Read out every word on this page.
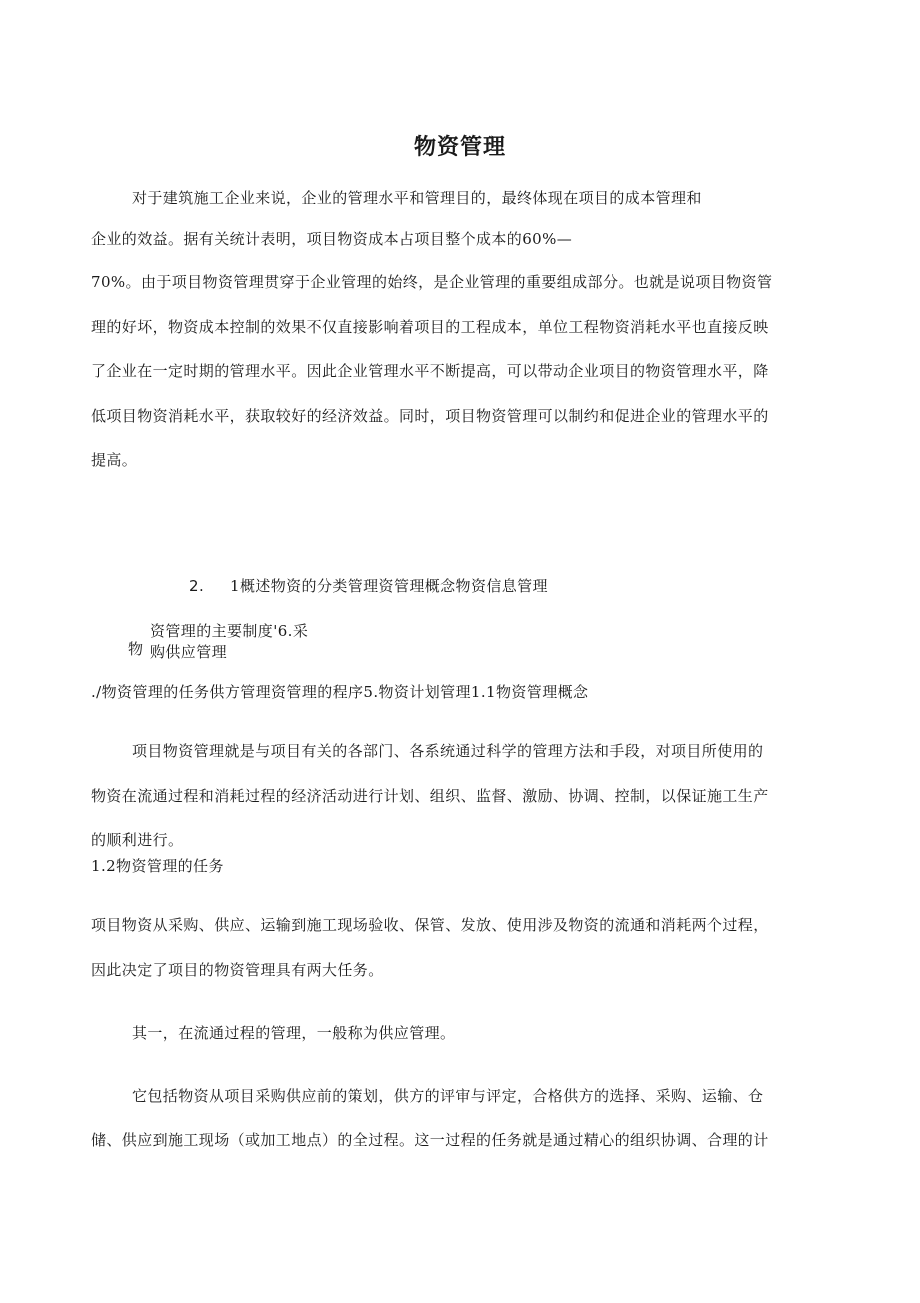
物资管理
对于建筑施工企业来说，企业的管理水平和管理目的，最终体现在项目的成本管理和
企业的效益。据有关统计表明，项目物资成本占项目整个成本的60%—
70%。由于项目物资管理贯穿于企业管理的始终，是企业管理的重要组成部分。也就是说项目物资管
理的好坏，物资成本控制的效果不仅直接影响着项目的工程成本，单位工程物资消耗水平也直接反映
了企业在一定时期的管理水平。因此企业管理水平不断提高，可以带动企业项目的物资管理水平，降
低项目物资消耗水平，获取较好的经济效益。同时，项目物资管理可以制约和促进企业的管理水平的
提高。
2. 1概述物资的分类管理资管理概念物资信息管理
资管理的主要制度'6.采
物 购供应管理
./物资管理的任务供方管理资管理的程序5.物资计划管理1.1物资管理概念
项目物资管理就是与项目有关的各部门、各系统通过科学的管理方法和手段，对项目所使用的
物资在流通过程和消耗过程的经济活动进行计划、组织、监督、激励、协调、控制，以保证施工生产
的顺利进行。
1.2物资管理的任务
项目物资从采购、供应、运输到施工现场验收、保管、发放、使用涉及物资的流通和消耗两个过程，
因此决定了项目的物资管理具有两大任务。
其一，在流通过程的管理，一般称为供应管理。
它包括物资从项目采购供应前的策划，供方的评审与评定，合格供方的选择、采购、运输、仓
储、供应到施工现场（或加工地点）的全过程。这一过程的任务就是通过精心的组织协调、合理的计
